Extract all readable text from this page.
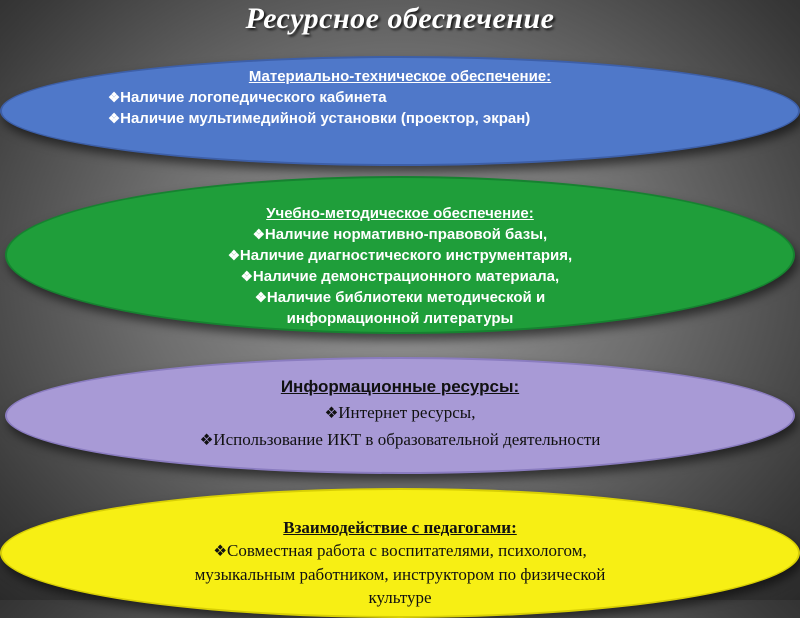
Ресурсное обеспечение
Материально-техническое обеспечение:
❖Наличие логопедического кабинета
❖Наличие мультимедийной установки (проектор, экран)
Учебно-методическое обеспечение:
❖Наличие нормативно-правовой базы,
❖Наличие диагностического инструментария,
❖Наличие демонстрационного материала,
❖Наличие библиотеки методической и
информационной литературы
Информационные ресурсы:
❖Интернет ресурсы,
❖Использование ИКТ в образовательной деятельности
Взаимодействие с педагогами:
❖Совместная работа с воспитателями, психологом,
музыкальным работником, инструктором по физической
культуре
